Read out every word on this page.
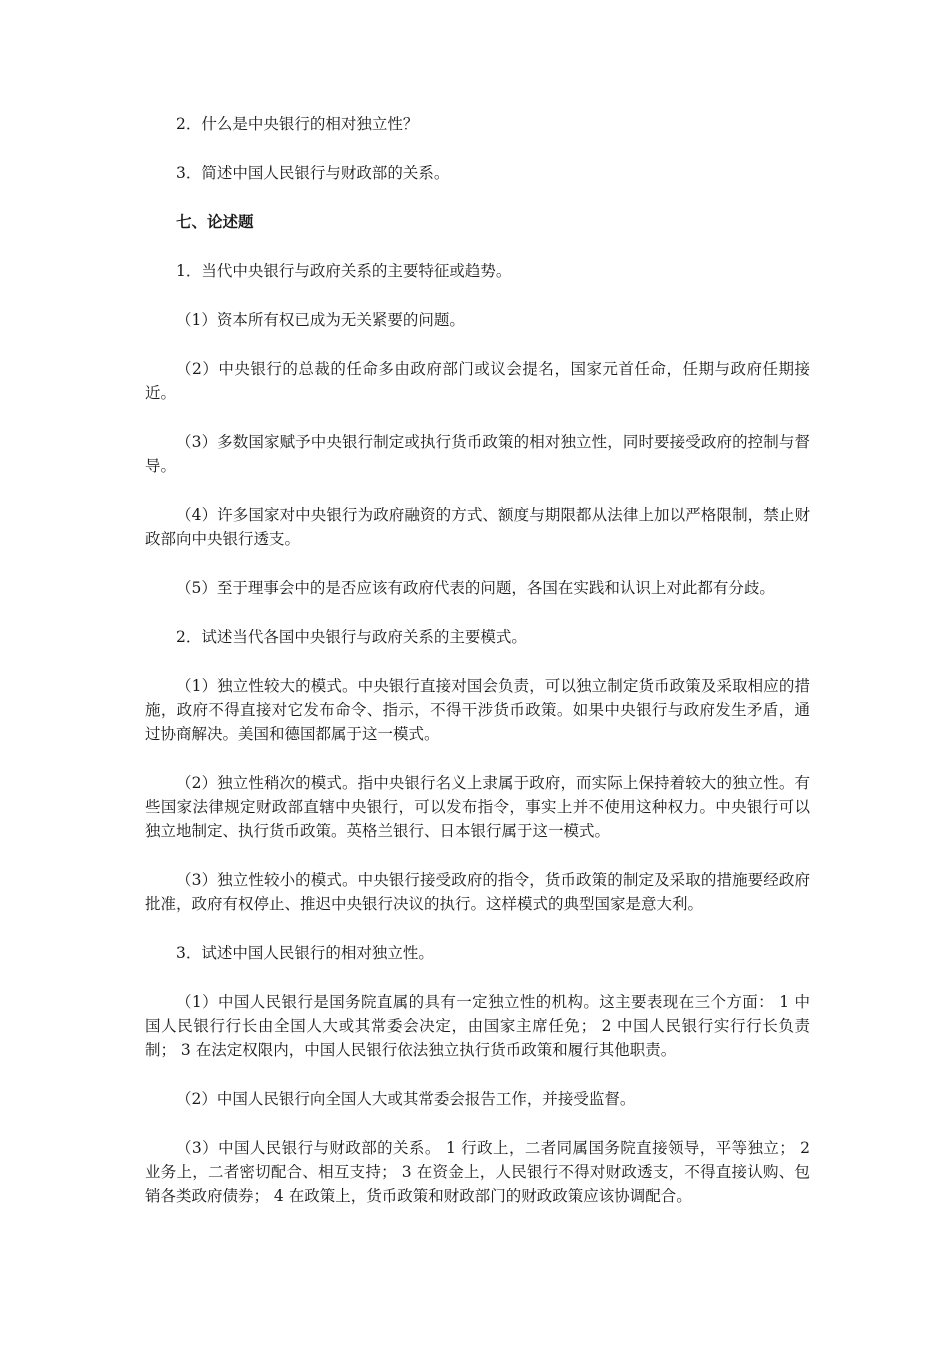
2．什么是中央银行的相对独立性？

3．简述中国人民银行与财政部的关系。

七、论述题

1．当代中央银行与政府关系的主要特征或趋势。

（1）资本所有权已成为无关紧要的问题。

（2）中央银行的总裁的任命多由政府部门或议会提名，国家元首任命，任期与政府任期接近。

（3）多数国家赋予中央银行制定或执行货币政策的相对独立性，同时要接受政府的控制与督导。

（4）许多国家对中央银行为政府融资的方式、额度与期限都从法律上加以严格限制，禁止财政部向中央银行透支。

（5）至于理事会中的是否应该有政府代表的问题，各国在实践和认识上对此都有分歧。

2．试述当代各国中央银行与政府关系的主要模式。

（1）独立性较大的模式。中央银行直接对国会负责，可以独立制定货币政策及采取相应的措施，政府不得直接对它发布命令、指示，不得干涉货币政策。如果中央银行与政府发生矛盾，通过协商解决。美国和德国都属于这一模式。

（2）独立性稍次的模式。指中央银行名义上隶属于政府，而实际上保持着较大的独立性。有些国家法律规定财政部直辖中央银行，可以发布指令，事实上并不使用这种权力。中央银行可以独立地制定、执行货币政策。英格兰银行、日本银行属于这一模式。

（3）独立性较小的模式。中央银行接受政府的指令，货币政策的制定及采取的措施要经政府批准，政府有权停止、推迟中央银行决议的执行。这样模式的典型国家是意大利。

3．试述中国人民银行的相对独立性。

（1）中国人民银行是国务院直属的具有一定独立性的机构。这主要表现在三个方面： 1 中国人民银行行长由全国人大或其常委会决定，由国家主席任免； 2 中国人民银行实行行长负责制； 3 在法定权限内，中国人民银行依法独立执行货币政策和履行其他职责。

（2）中国人民银行向全国人大或其常委会报告工作，并接受监督。

（3）中国人民银行与财政部的关系。 1 行政上，二者同属国务院直接领导，平等独立； 2 业务上，二者密切配合、相互支持； 3 在资金上，人民银行不得对财政透支，不得直接认购、包销各类政府债券； 4 在政策上，货币政策和财政部门的财政政策应该协调配合。
